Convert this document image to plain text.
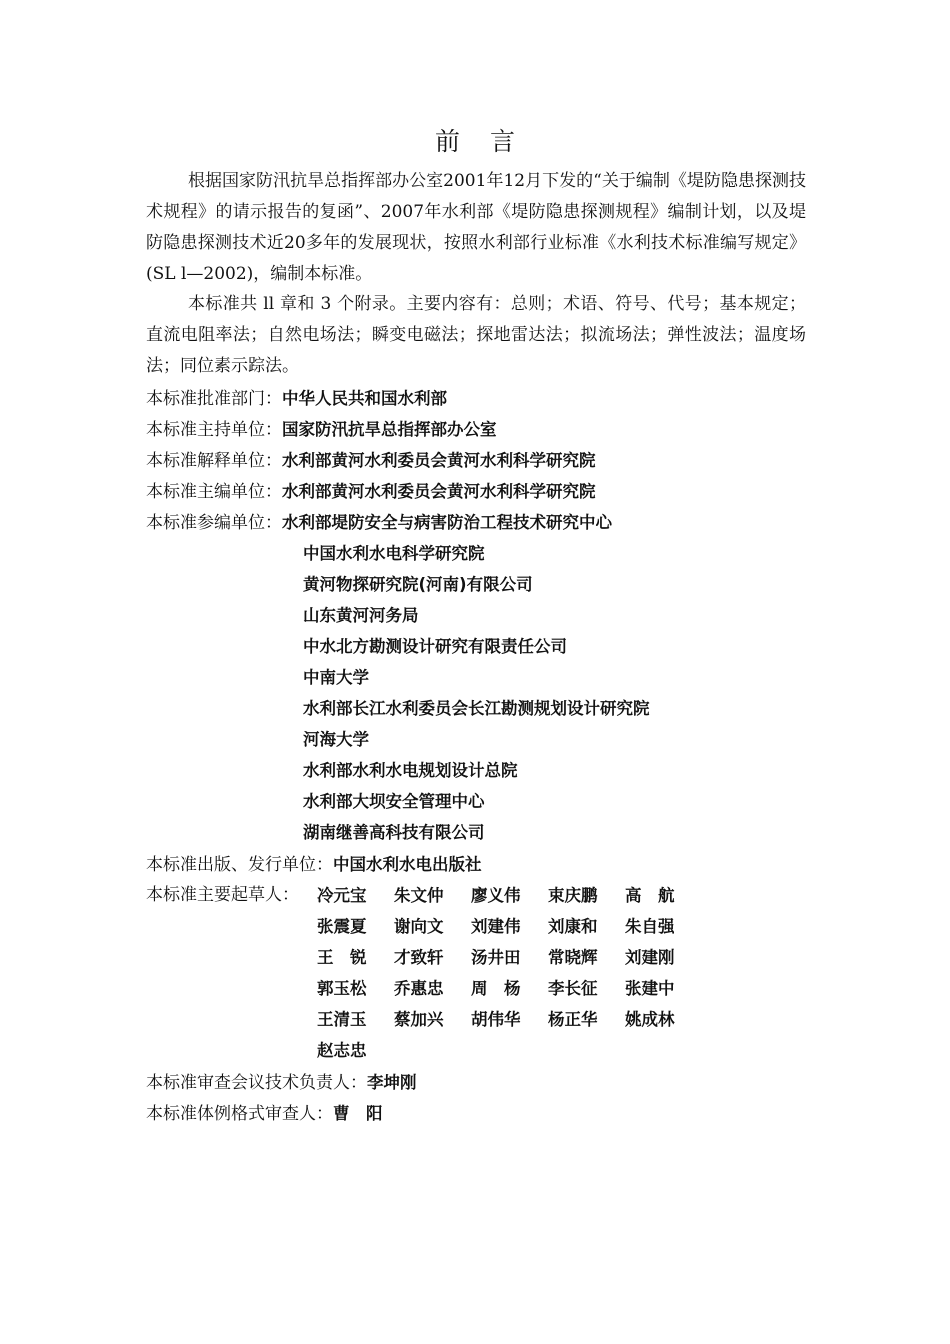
前言
根据国家防汛抗旱总指挥部办公室2001年12月下发的“关于编制《堤防隐患探测技术规程》的请示报告的复函”、2007年水利部《堤防隐患探测规程》编制计划，以及堤防隐患探测技术近20多年的发展现状，按照水利部行业标准《水利技术标准编写规定》(SL l—2002)，编制本标准。
本标准共 ll 章和 3 个附录。主要内容有：总则；术语、符号、代号；基本规定；直流电阻率法；自然电场法；瞬变电磁法；探地雷达法；拟流场法；弹性波法；温度场法；同位素示踪法。
本标准批准部门：中华人民共和国水利部
本标准主持单位：国家防汛抗旱总指挥部办公室
本标准解释单位：水利部黄河水利委员会黄河水利科学研究院
本标准主编单位：水利部黄河水利委员会黄河水利科学研究院
本标准参编单位：水利部堤防安全与病害防治工程技术研究中心
中国水利水电科学研究院
黄河物探研究院(河南)有限公司
山东黄河河务局
中水北方勘测设计研究有限责任公司
中南大学
水利部长江水利委员会长江勘测规划设计研究院
河海大学
水利部水利水电规划设计总院
水利部大坝安全管理中心
湖南继善高科技有限公司
本标准出版、发行单位：中国水利水电出版社
本标准主要起草人： 冷元宝 朱文仲 廖义伟 束庆鹏 高　航
张震夏 谢向文 刘建伟 刘康和 朱自强
王　锐 才致轩 汤井田 常晓辉 刘建刚
郭玉松 乔惠忠 周　杨 李长征 张建中
王清玉 蔡加兴 胡伟华 杨正华 姚成林
赵志忠
本标准审查会议技术负责人：李坤刚
本标准体例格式审查人：曹　阳
